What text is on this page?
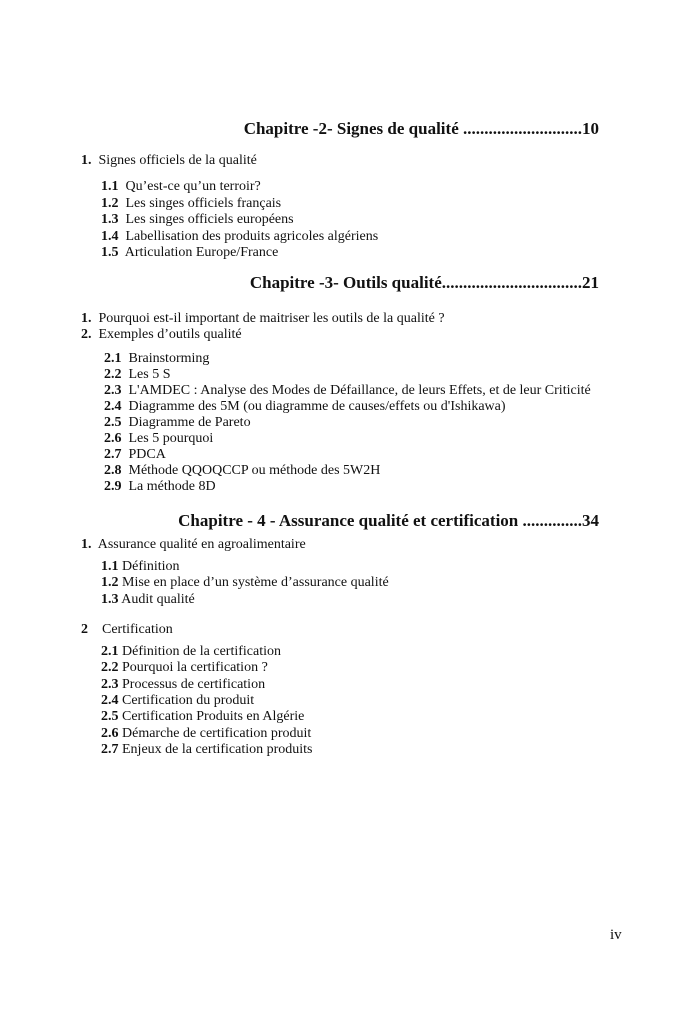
Chapitre -2- Signes de qualité ............................10
1. Signes officiels de la qualité
1.1 Qu’est-ce qu’un terroir?
1.2 Les singes officiels français
1.3 Les singes officiels européens
1.4 Labellisation des produits agricoles algériens
1.5 Articulation Europe/France
Chapitre -3- Outils qualité.................................21
1. Pourquoi est-il important de maitriser les outils de la qualité ?
2. Exemples d’outils qualité
2.1 Brainstorming
2.2 Les 5 S
2.3 L'AMDEC : Analyse des Modes de Défaillance, de leurs Effets, et de leur Criticité
2.4 Diagramme des 5M (ou diagramme de causes/effets ou d'Ishikawa)
2.5 Diagramme de Pareto
2.6 Les 5 pourquoi
2.7 PDCA
2.8 Méthode QQOQCCP ou méthode des 5W2H
2.9 La méthode 8D
Chapitre - 4 - Assurance qualité et certification ..............34
1. Assurance qualité en agroalimentaire
1.1 Définition
1.2 Mise en place d’un système d’assurance qualité
1.3 Audit qualité
2 Certification
2.1 Définition de la certification
2.2 Pourquoi la certification ?
2.3 Processus de certification
2.4 Certification du produit
2.5 Certification Produits en Algérie
2.6 Démarche de certification produit
2.7 Enjeux de la certification produits
iv
